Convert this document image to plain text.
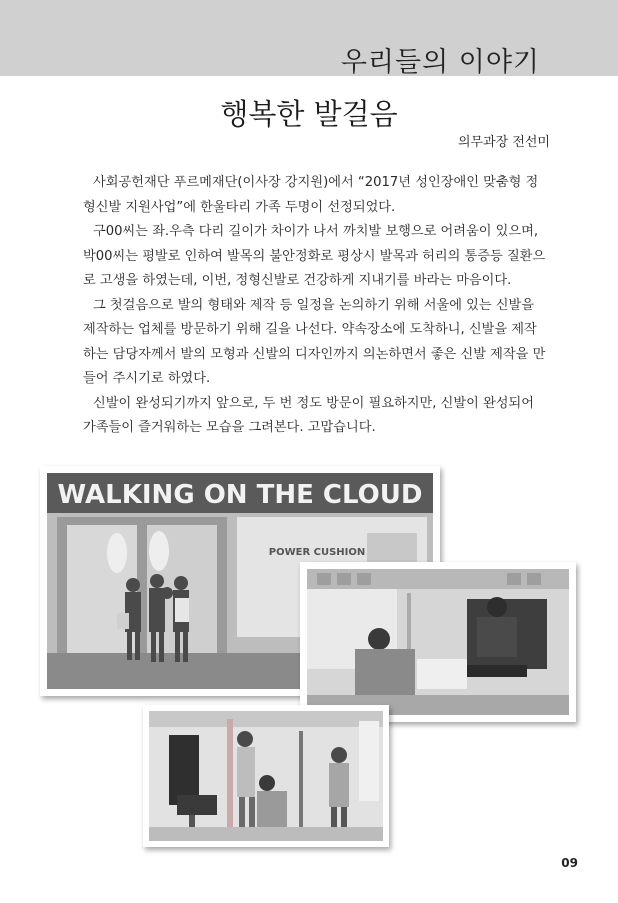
우리들의 이야기
행복한 발걸음
의무과장 전선미

사회공헌재단 푸르메재단(이사장 강지원)에서 “2017년 성인장애인 맞춤형 정형신발 지원사업”에 한울타리 가족 두명이 선정되었다.

구00씨는 좌.우측 다리 길이가 차이가 나서 까치발 보행으로 어려움이 있으며, 박00씨는 평발로 인하여 발목의 불안정화로 평상시 발목과 허리의 통증등 질환으로 고생을 하였는데, 이번, 정형신발로 건강하게 지내기를 바라는 마음이다.

그 첫걸음으로 발의 형태와 제작 등 일정을 논의하기 위해 서울에 있는 신발을 제작하는 업체를 방문하기 위해 길을 나선다. 약속장소에 도착하니, 신발을 제작하는 담당자께서 발의 모형과 신발의 디자인까지 의논하면서 좋은 신발 제작을 만들어 주시기로 하였다.

신발이 완성되기까지 앞으로, 두 번 정도 방문이 필요하지만, 신발이 완성되어 가족들이 즐거워하는 모습을 그려본다. 고맙습니다.

WALKING ON THE CLOUD
POWER CUSHION
09
